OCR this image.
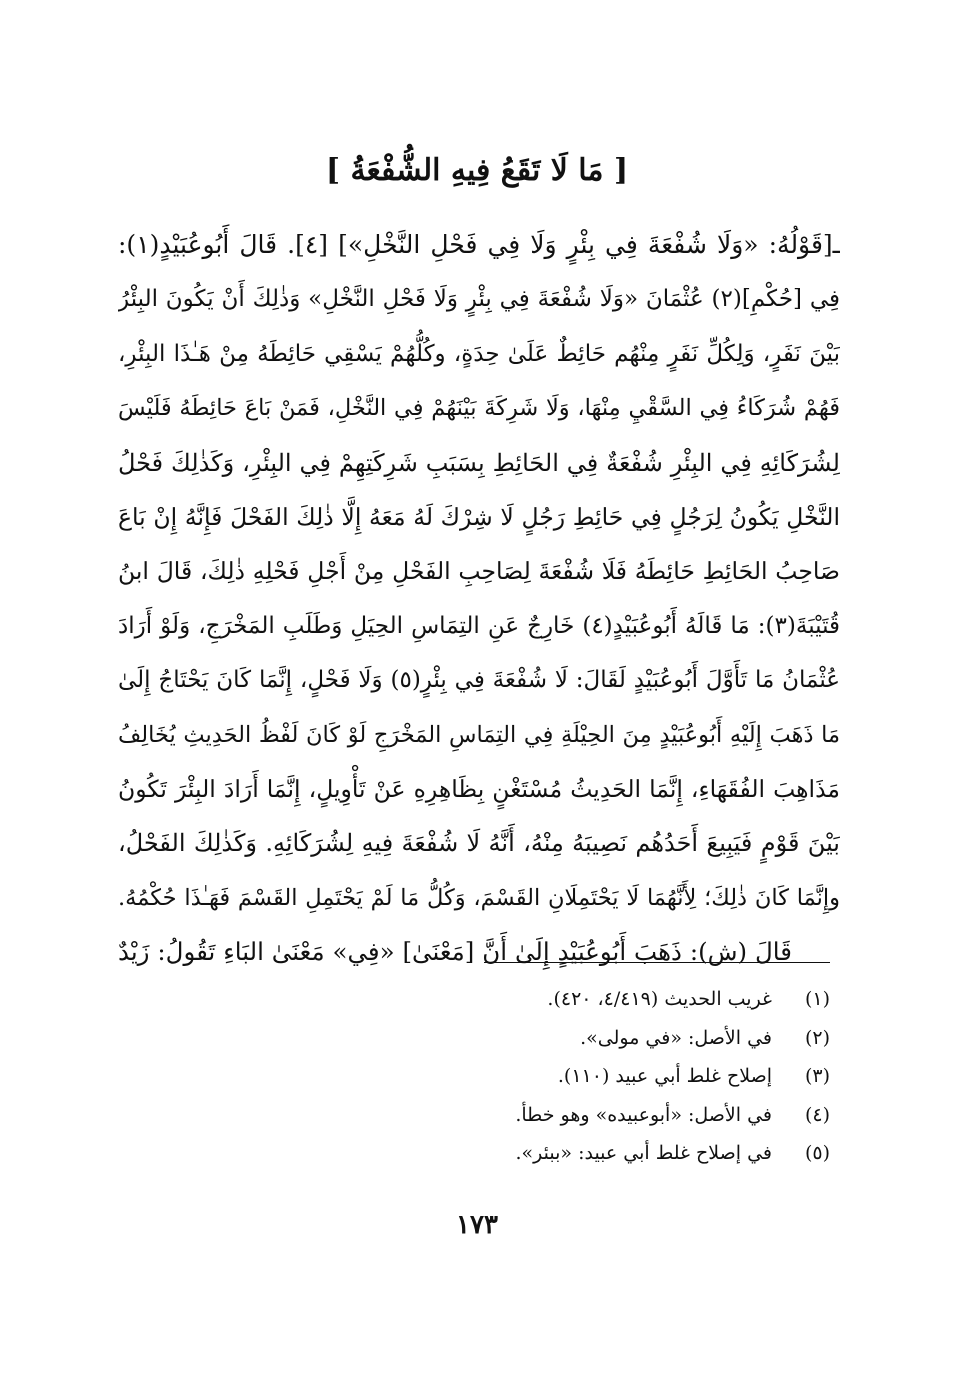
[ مَا لَا تَقَعُ فِيهِ الشُّفْعَةُ ]
ـ[قَوْلُهُ: «وَلَا شُفْعَةَ فِي بِئْرٍ وَلَا فِي فَحْلِ النَّخْلِ»] [٤]. قَالَ أَبُوعُبَيْدٍ(١):
فِي [حُكْمِ](٢) عُثْمَانَ «وَلَا شُفْعَةَ فِي بِئْرٍ وَلَا فَحْلِ النَّخْلِ» وَذٰلِكَ أَنْ يَكُونَ البِئْرُ
بَيْنَ نَفَرٍ، وَلِكُلِّ نَفَرٍ مِنْهُم حَائِطٌ عَلَىٰ حِدَةٍ، وكُلُّهُمْ يَسْقِي حَائِطَهُ مِنْ هَـٰذَا البِئْرِ،
فَهُمْ شُرَكَاءُ فِي السَّقْيِ مِنْهَا، وَلَا شَرِكَةَ بَيْنَهُمْ فِي النَّخْلِ، فَمَنْ بَاعَ حَائِطَهُ فَلَيْسَ
لِشُرَكَائِهِ فِي البِئْرِ شُفْعَةٌ فِي الحَائِطِ بِسَبَبِ شَرِكَتِهِمْ فِي البِئْرِ، وَكَذٰلِكَ فَحْلُ
النَّخْلِ يَكُونُ لِرَجُلٍ فِي حَائِطِ رَجُلٍ لَا شِرْكَ لَهُ مَعَهُ إِلَّا ذٰلِكَ الفَحْلَ فَإِنَّهُ إِنْ بَاعَ
صَاحِبُ الحَائِطِ حَائِطَهُ فَلَا شُفْعَةَ لِصَاحِبِ الفَحْلِ مِنْ أَجْلِ فَحْلِهِ ذٰلِكَ، قَالَ ابنُ
قُتَيْبَةَ(٣): مَا قَالَهُ أَبُوعُبَيْدٍ(٤) خَارِجٌ عَنِ التِمَاسِ الحِيَلِ وَطَلَبِ المَخْرَجِ، وَلَوْ أَرَادَ
عُثْمَانُ مَا تَأَوَّلَ أَبُوعُبَيْدٍ لَقَالَ: لَا شُفْعَةَ فِي بِئْرٍ(٥) وَلَا فَحْلٍ، إِنَّمَا كَانَ يَحْتَاجُ إِلَىٰ
مَا ذَهَبَ إِلَيْهِ أَبُوعُبَيْدٍ مِنَ الحِيْلَةِ فِي التِمَاسِ المَخْرَجِ لَوْ كَانَ لَفْظُ الحَدِيثِ يُخَالِفُ
مَذَاهِبَ الفُقَهَاءِ، إِنَّمَا الحَدِيثُ مُسْتَغْنٍ بِظَاهِرِهِ عَنْ تَأْوِيلٍ، إِنَّمَا أَرَادَ البِئْرَ تَكُونُ
بَيْنَ قَوْمٍ فَيَبِيعَ أَحَدُهُم نَصِيبَهُ مِنْهُ، أَنَّهُ لَا شُفْعَةَ فِيهِ لِشُرَكَائِهِ. وَكَذٰلِكَ الفَحْلُ،
وإِنَّمَا كَانَ ذٰلِكَ؛ لِأَنَّهُمَا لَا يَحْتَمِلَانِ القَسْمَ، وَكُلُّ مَا لَمْ يَحْتَمِلِ القَسْمَ فَهَـٰذَا حُكْمُهُ.
قَالَ (ش): ذَهَبَ أَبُوعُبَيْدٍ إِلَىٰ أَنَّ [مَعْنَىٰ] «فِي» مَعْنَىٰ البَاءِ تَقُولُ: زَيْدٌ
(١)
غريب الحديث (٤/٤١٩، ٤٢٠).
(٢)
في الأصل: «في مولى».
(٣)
إصلاح غلط أبي عبيد (١١٠).
(٤)
في الأصل: «أبوعبيده» وهو خطأ.
(٥)
في إصلاح غلط أبي عبيد: «ببئر».
١٧٣
